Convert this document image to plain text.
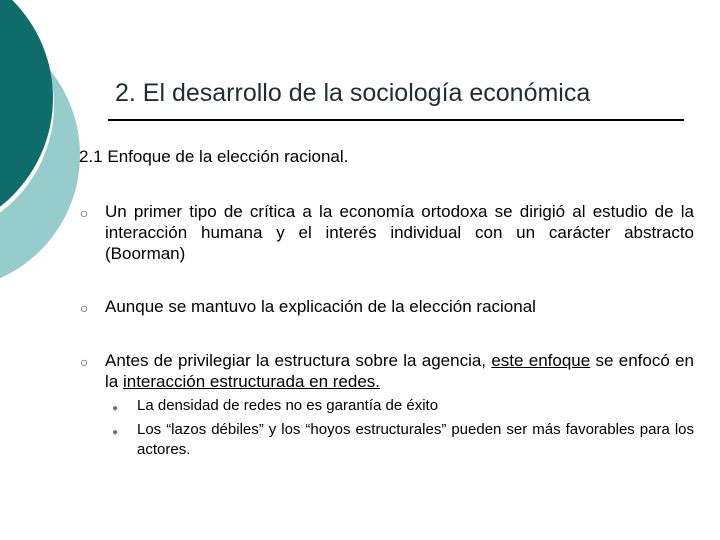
2. El desarrollo de la sociología económica
2.1 Enfoque de la elección racional.
○ Un primer tipo de crítica a la economía ortodoxa se dirigió al estudio de la interacción humana y el interés individual con un carácter abstracto (Boorman)
○ Aunque se mantuvo la explicación de la elección racional
○ Antes de privilegiar la estructura sobre la agencia, este enfoque se enfocó en la interacción estructurada en redes.
● La densidad de redes no es garantía de éxito
● Los “lazos débiles” y los “hoyos estructurales” pueden ser más favorables para los actores.
